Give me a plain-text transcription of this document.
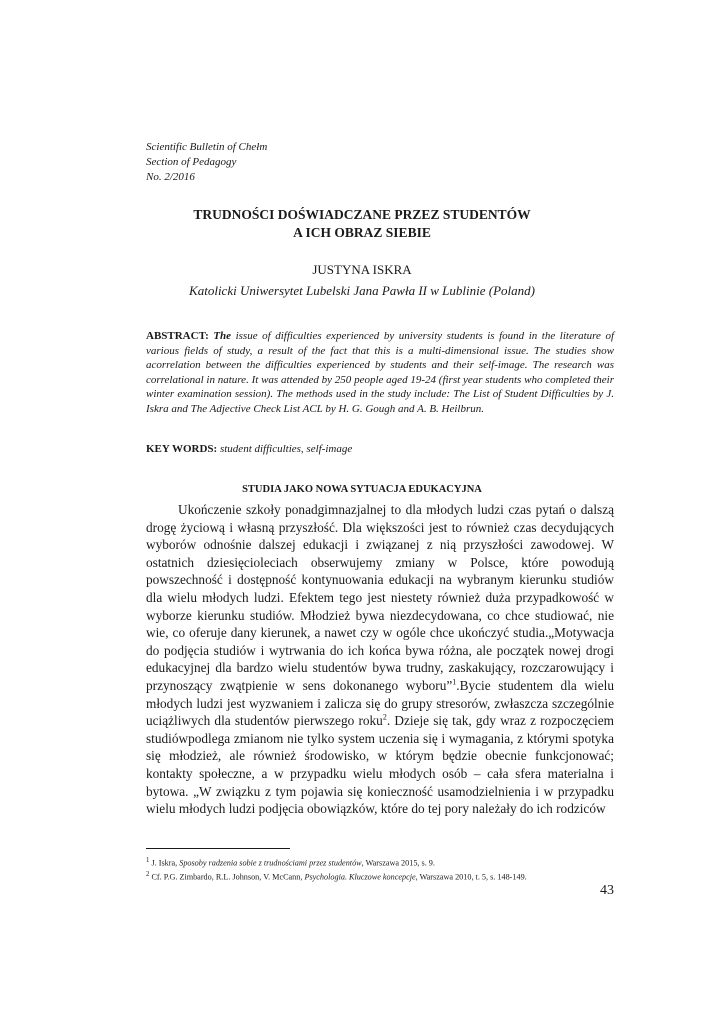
Scientific Bulletin of Chełm
Section of Pedagogy
No. 2/2016
TRUDNOŚCI DOŚWIADCZANE PRZEZ STUDENTÓW
A ICH OBRAZ SIEBIE
JUSTYNA ISKRA
Katolicki Uniwersytet Lubelski Jana Pawła II w Lublinie (Poland)
ABSTRACT: The issue of difficulties experienced by university students is found in the literature of various fields of study, a result of the fact that this is a multi-dimensional issue. The studies show acorrelation between the difficulties experienced by students and their self-image. The research was correlational in nature. It was attended by 250 people aged 19-24 (first year students who completed their winter examination session). The methods used in the study include: The List of Student Difficulties by J. Iskra and The Adjective Check List ACL by H. G. Gough and A. B. Heilbrun.
KEY WORDS: student difficulties, self-image
STUDIA JAKO NOWA SYTUACJA EDUKACYJNA

Ukończenie szkoły ponadgimnazjalnej to dla młodych ludzi czas pytań o dalszą drogę życiową i własną przyszłość. Dla większości jest to również czas decydujących wyborów odnośnie dalszej edukacji i związanej z nią przyszłości zawodowej. W ostatnich dziesięcioleciach obserwujemy zmiany w Polsce, które powodują powszechność i dostępność kontynuowania edukacji na wybranym kierunku studiów dla wielu młodych ludzi. Efektem tego jest niestety również duża przypadkowość w wyborze kierunku studiów. Młodzież bywa niezdecydowana, co chce studiować, nie wie, co oferuje dany kierunek, a nawet czy w ogóle chce ukończyć studia.„Motywacja do podjęcia studiów i wytrwania do ich końca bywa różna, ale początek nowej drogi edukacyjnej dla bardzo wielu studentów bywa trudny, zaskakujący, rozczarowujący i przynoszący zwątpienie w sens dokonanego wyboru”$^1$.Bycie studentem dla wielu młodych ludzi jest wyzwaniem i zalicza się do grupy stresorów, zwłaszcza szczególnie uciążliwych dla studentów pierwszego roku$^2$. Dzieje się tak, gdy wraz z rozpoczęciem studiówpodlega zmianom nie tylko system uczenia się i wymagania, z którymi spotyka się młodzież, ale również środowisko, w którym będzie obecnie funkcjonować; kontakty społeczne, a w przypadku wielu młodych osób – cała sfera materialna i bytowa. „W związku z tym pojawia się konieczność usamodzielnienia i w przypadku wielu młodych ludzi podjęcia obowiązków, które do tej pory należały do ich rodziców

$^1$ J. Iskra, Sposoby radzenia sobie z trudnościami przez studentów, Warszawa 2015, s. 9.
$^2$ Cf. P.G. Zimbardo, R.L. Johnson, V. McCann, Psychologia. Kluczowe koncepcje, Warszawa 2010, t. 5, s. 148-149.
43
